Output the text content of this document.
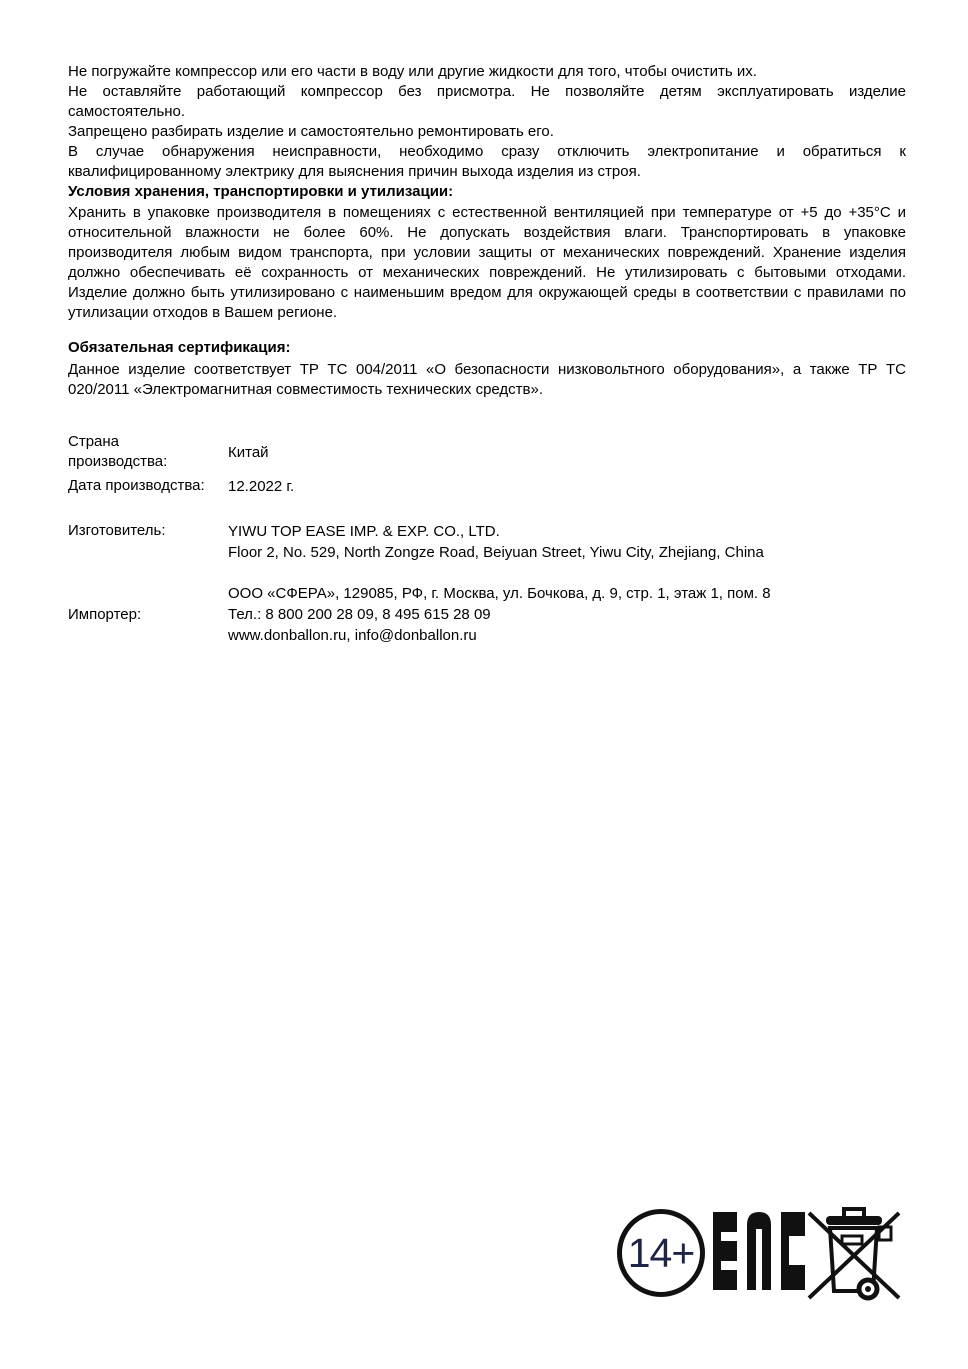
Не погружайте компрессор или его части в воду или другие жидкости для того, чтобы очистить их.

Не оставляйте работающий компрессор без присмотра. Не позволяйте детям эксплуатировать изделие самостоятельно.

Запрещено разбирать изделие и самостоятельно ремонтировать его.

В случае обнаружения неисправности, необходимо сразу отключить электропитание и обратиться к квалифицированному электрику для выяснения причин выхода изделия из строя.

Условия хранения, транспортировки и утилизации:
Хранить в упаковке производителя в помещениях с естественной вентиляцией при температуре от +5 до +35°С и относительной влажности не более 60%. Не допускать воздействия влаги. Транспортировать в упаковке производителя любым видом транспорта, при условии защиты от механических повреждений. Хранение изделия должно обеспечивать её сохранность от механических повреждений. Не утилизировать с бытовыми отходами. Изделие должно быть утилизировано с наименьшим вредом для окружающей среды в соответствии с правилами по утилизации отходов в Вашем регионе.
Обязательная сертификация:
Данное изделие соответствует ТР ТС 004/2011 «О безопасности низковольтного оборудования», а также ТР ТС 020/2011 «Электромагнитная совместимость технических средств».
Страна производства:
Китай
Дата производства:	12.2022 г.
Изготовитель:	YIWU TOP EASE IMP. & EXP. CO., LTD.
Floor 2, No. 529, North Zongze Road, Beiyuan Street, Yiwu City, Zhejiang, China
Импортер:
ООО «СФЕРА», 129085, РФ, г. Москва, ул. Бочкова, д. 9, стр. 1, этаж 1, пом. 8
Тел.: 8 800 200 28 09, 8 495 615 28 09
www.donballon.ru, info@donballon.ru
14+
